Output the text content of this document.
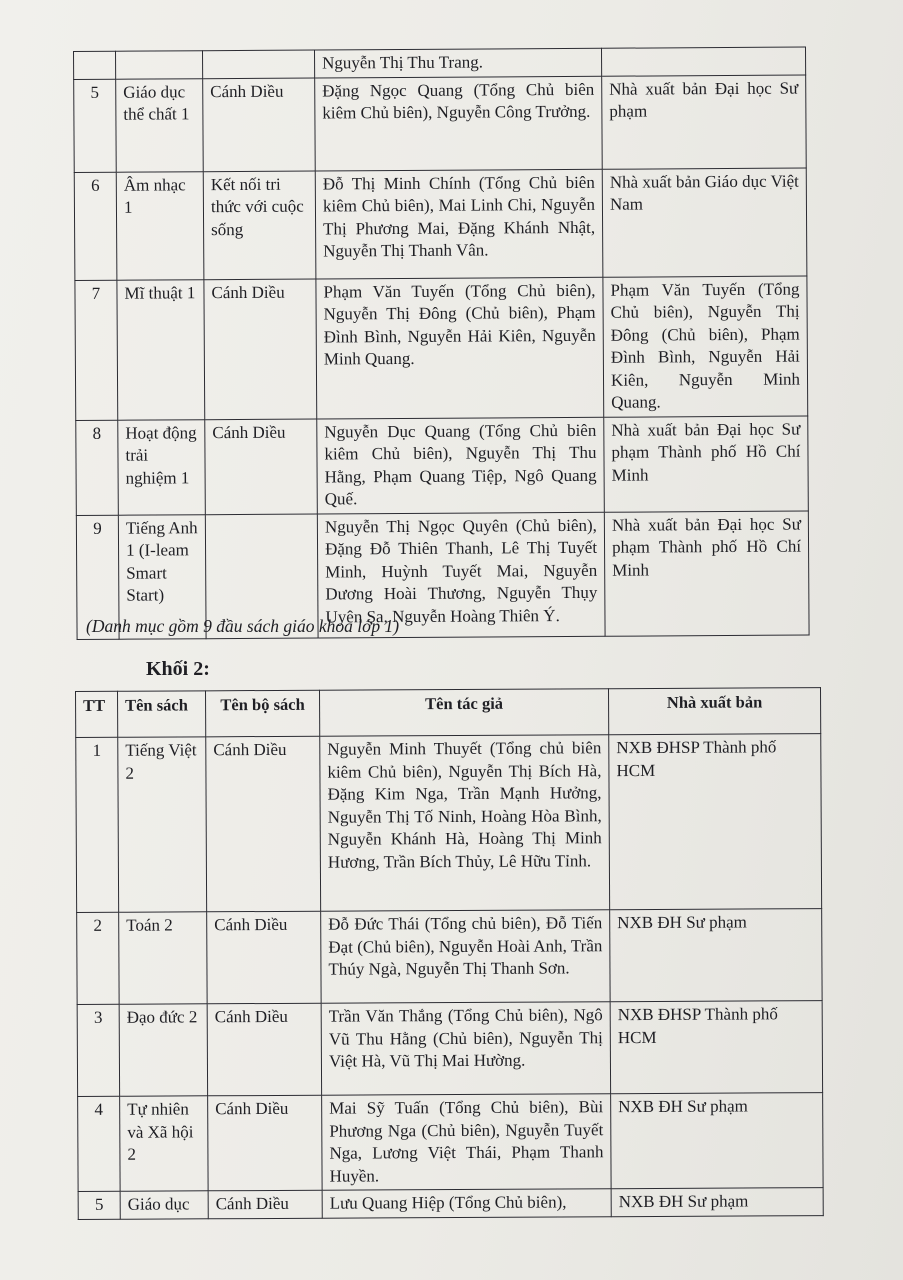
			Nguyễn Thị Thu Trang.	
5	Giáo dục thể chất 1	Cánh Diều	Đặng Ngọc Quang (Tổng Chủ biên kiêm Chủ biên), Nguyễn Công Trưởng.	Nhà xuất bản Đại học Sư phạm
6	Âm nhạc 1	Kết nối tri thức với cuộc sống	Đỗ Thị Minh Chính (Tổng Chủ biên kiêm Chủ biên), Mai Linh Chi, Nguyễn Thị Phương Mai, Đặng Khánh Nhật, Nguyễn Thị Thanh Vân.	Nhà xuất bản Giáo dục Việt Nam
7	Mĩ thuật 1	Cánh Diều	Phạm Văn Tuyến (Tổng Chủ biên), Nguyễn Thị Đông (Chủ biên), Phạm Đình Bình, Nguyễn Hải Kiên, Nguyễn Minh Quang.	Phạm Văn Tuyến (Tổng Chủ biên), Nguyễn Thị Đông (Chủ biên), Phạm Đình Bình, Nguyễn Hải Kiên, Nguyễn Minh Quang.
8	Hoạt động trải nghiệm 1	Cánh Diều	Nguyễn Dục Quang (Tổng Chủ biên kiêm Chủ biên), Nguyễn Thị Thu Hằng, Phạm Quang Tiệp, Ngô Quang Quế.	Nhà xuất bản Đại học Sư phạm Thành phố Hồ Chí Minh
9	Tiếng Anh 1 (I-leam Smart Start)		Nguyễn Thị Ngọc Quyên (Chủ biên), Đặng Đỗ Thiên Thanh, Lê Thị Tuyết Minh, Huỳnh Tuyết Mai, Nguyễn Dương Hoài Thương, Nguyễn Thụy Uyên Sa, Nguyễn Hoàng Thiên Ý.	Nhà xuất bản Đại học Sư phạm Thành phố Hồ Chí Minh
(Danh mục gồm 9 đầu sách giáo khoa lớp 1)
Khối 2:
TT	Tên sách	Tên bộ sách	Tên tác giả	Nhà xuất bản
1	Tiếng Việt 2	Cánh Diều	Nguyễn Minh Thuyết (Tổng chủ biên kiêm Chủ biên), Nguyễn Thị Bích Hà, Đặng Kim Nga, Trần Mạnh Hưởng, Nguyễn Thị Tố Ninh, Hoàng Hòa Bình, Nguyễn Khánh Hà, Hoàng Thị Minh Hương, Trần Bích Thủy, Lê Hữu Tỉnh.	NXB ĐHSP Thành phố HCM
2	Toán 2	Cánh Diều	Đỗ Đức Thái (Tổng chủ biên), Đỗ Tiến Đạt (Chủ biên), Nguyễn Hoài Anh, Trần Thúy Ngà, Nguyễn Thị Thanh Sơn.	NXB ĐH Sư phạm
3	Đạo đức 2	Cánh Diều	Trần Văn Thắng (Tổng Chủ biên), Ngô Vũ Thu Hằng (Chủ biên), Nguyễn Thị Việt Hà, Vũ Thị Mai Hường.	NXB ĐHSP Thành phố HCM
4	Tự nhiên và Xã hội 2	Cánh Diều	Mai Sỹ Tuấn (Tổng Chủ biên), Bùi Phương Nga (Chủ biên), Nguyễn Tuyết Nga, Lương Việt Thái, Phạm Thanh Huyền.	NXB ĐH Sư phạm
5	Giáo dục	Cánh Diều	Lưu Quang Hiệp (Tổng Chủ biên),	NXB ĐH Sư phạm
